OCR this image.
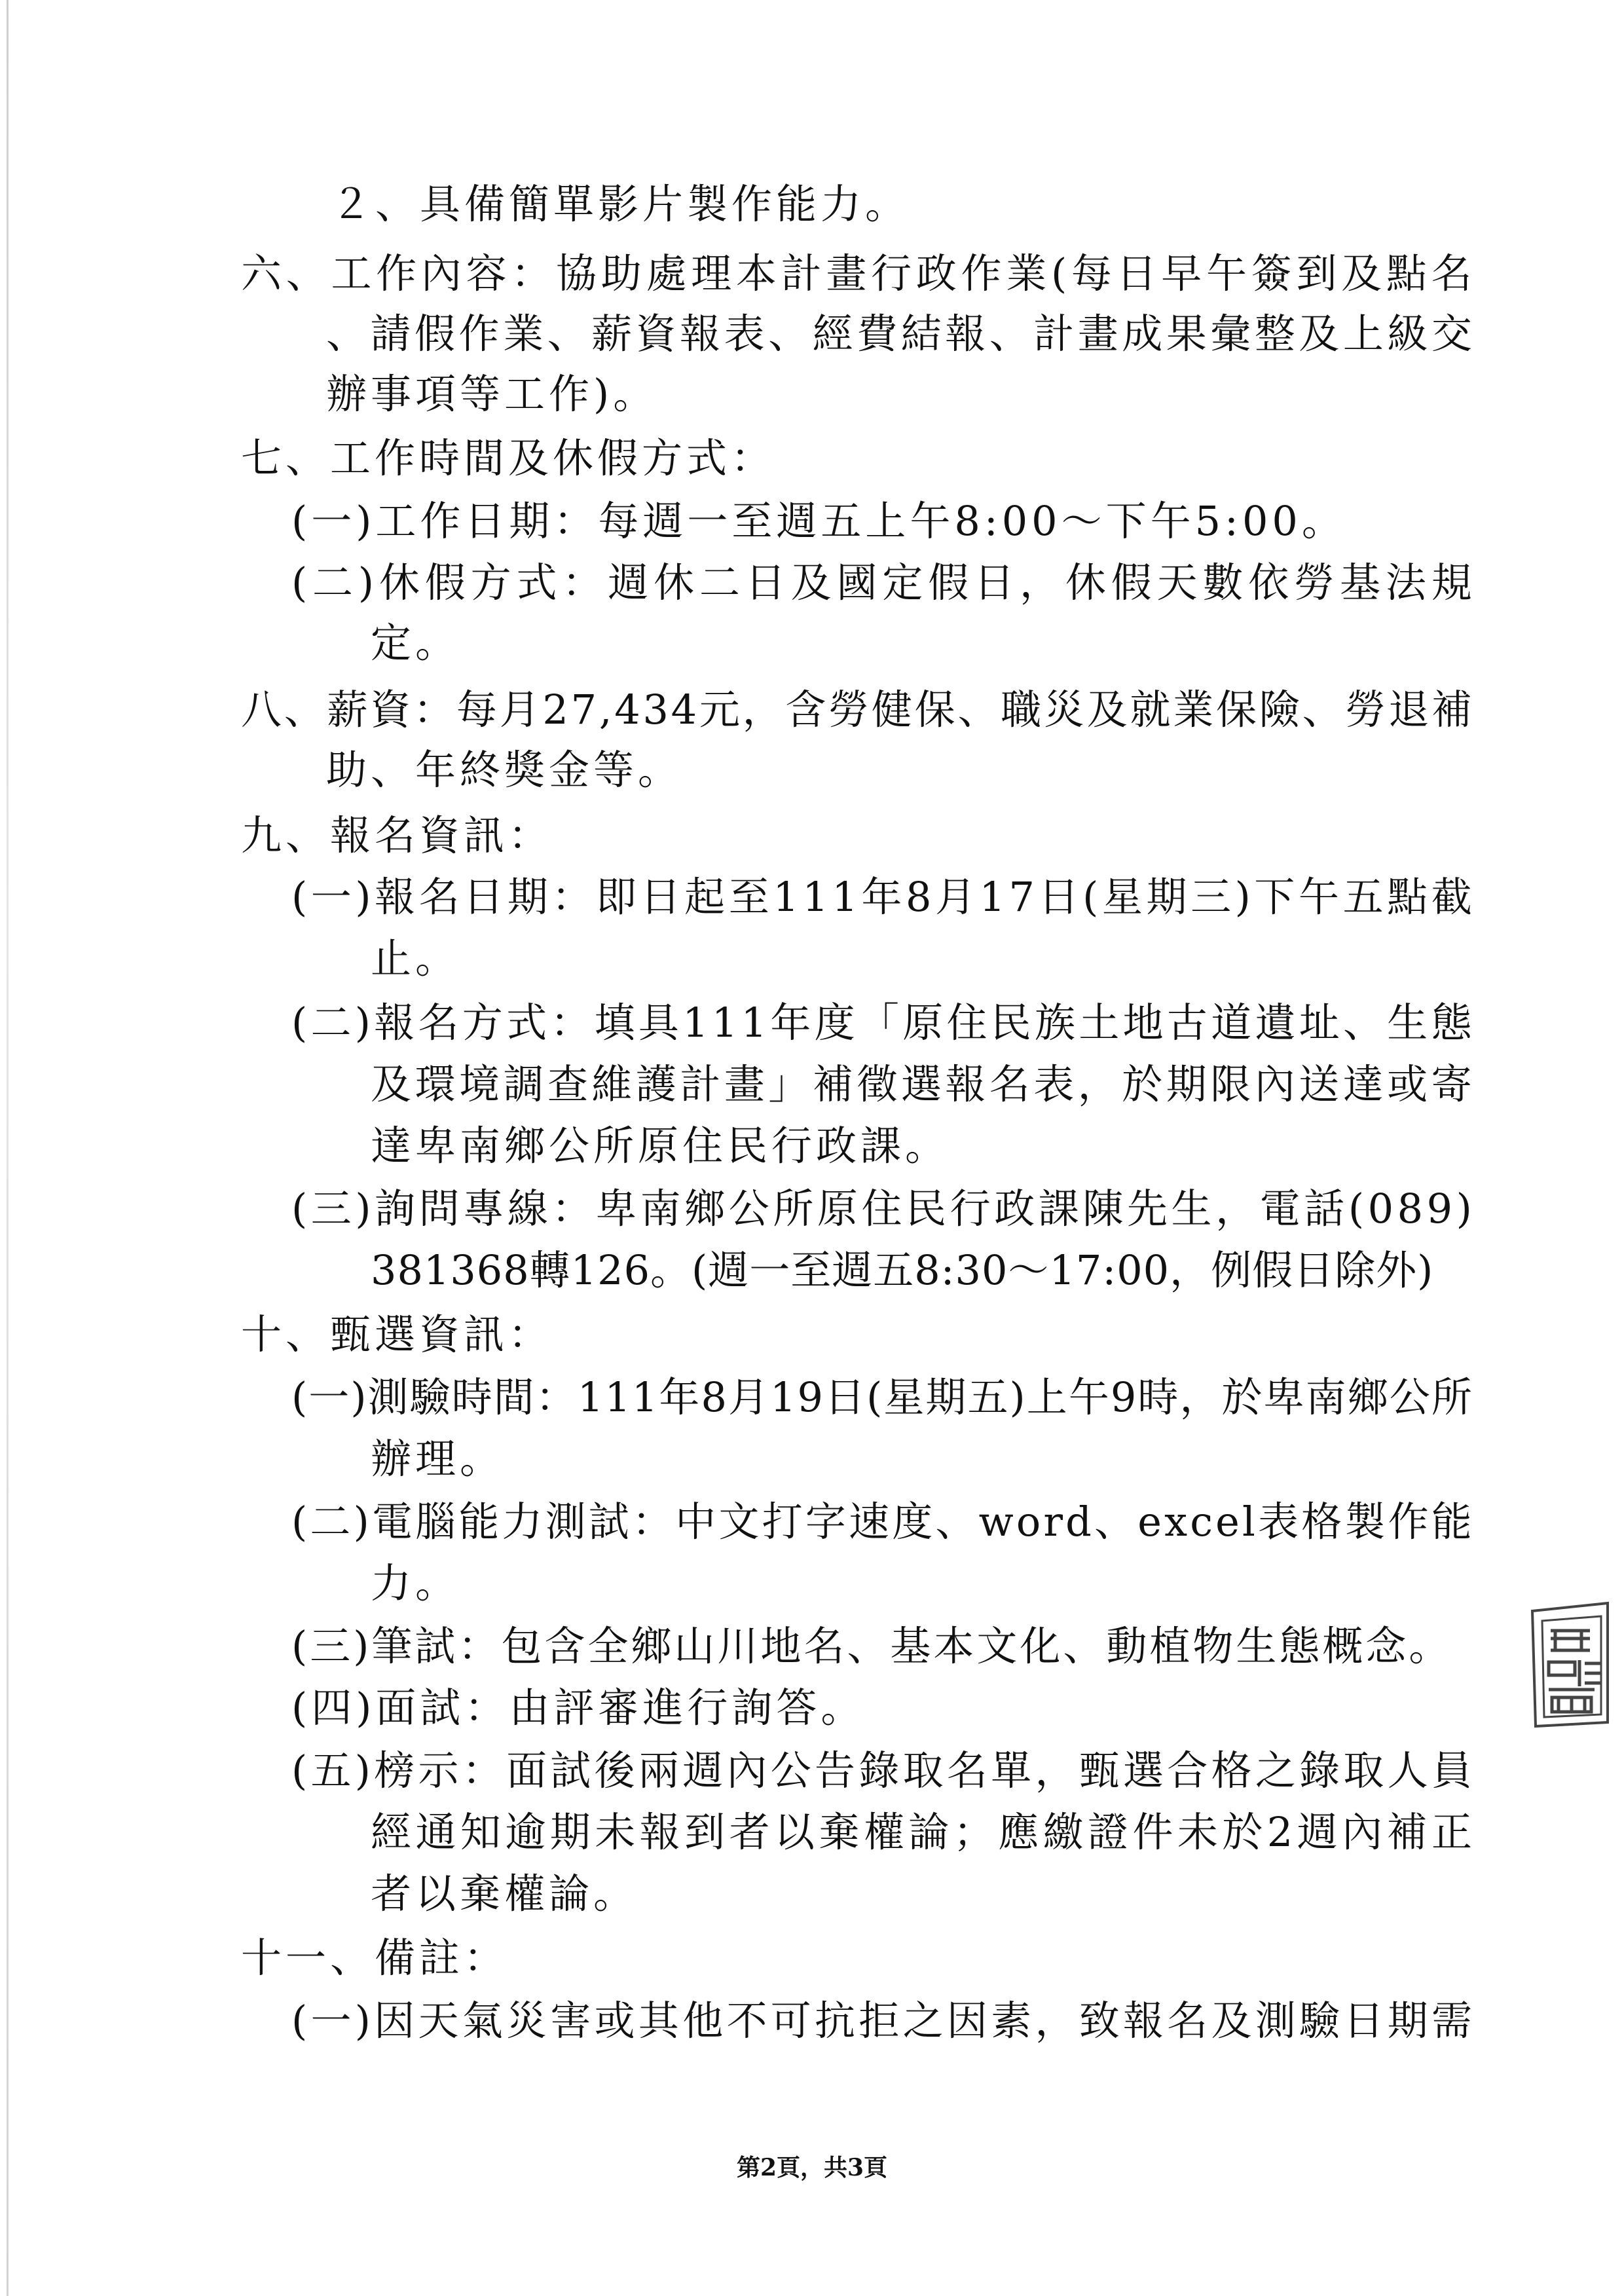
２、具備簡單影片製作能力。
六 、 工 作 內 容 ： 協 助 處 理 本 計 畫 行 政 作 業 ( 每 日 早 午 簽 到 及 點 名
、 請 假 作 業 、 薪 資 報 表 、 經 費 結 報 、 計 畫 成 果 彙 整 及 上 級 交
辦事項等工作)。
七、工作時間及休假方式：
(一)工作日期：每週一至週五上午8:00～下午5:00。
( 二 ) 休 假 方 式 ： 週 休 二 日 及 國 定 假 日 ， 休 假 天 數 依 勞 基 法 規
定。
八 、 薪 資 ： 每 月 2 7 , 4 3 4 元 ， 含 勞 健 保 、 職 災 及 就 業 保 險 、 勞 退 補
助、年終獎金等。
九、報名資訊：
( 一 ) 報 名 日 期 ： 即 日 起 至 1 1 1 年 8 月 1 7 日 ( 星 期 三 ) 下 午 五 點 截
止。
( 二 ) 報 名 方 式 ： 填 具 1 1 1 年 度 「 原 住 民 族 土 地 古 道 遺 址 、 生 態
及 環 境 調 查 維 護 計 畫 」 補 徵 選 報 名 表 ， 於 期 限 內 送 達 或 寄
達卑南鄉公所原住民行政課。
( 三 ) 詢 問 專 線 ： 卑 南 鄉 公 所 原 住 民 行 政 課 陳 先 生 ， 電 話 ( 0 8 9 )
381368轉126。(週一至週五8:30～17:00，例假日除外)
十、甄選資訊：
( 一 ) 測 驗 時 間 ： 1 1 1 年 8 月 1 9 日 ( 星 期 五 ) 上 午 9 時 ， 於 卑 南 鄉 公 所
辦理。
( 二 ) 電 腦 能 力 測 試 ： 中 文 打 字 速 度 、 w o r d 、 e x c e l 表 格 製 作 能
力。
(三)筆試：包含全鄉山川地名、基本文化、動植物生態概念。
(四)面試：由評審進行詢答。
( 五 ) 榜 示 ： 面 試 後 兩 週 內 公 告 錄 取 名 單 ， 甄 選 合 格 之 錄 取 人 員
經 通 知 逾 期 未 報 到 者 以 棄 權 論 ； 應 繳 證 件 未 於 2 週 內 補 正
者以棄權論。
十一、備註：
( 一 ) 因 天 氣 災 害 或 其 他 不 可 抗 拒 之 因 素 ， 致 報 名 及 測 驗 日 期 需
第2頁，共3頁
